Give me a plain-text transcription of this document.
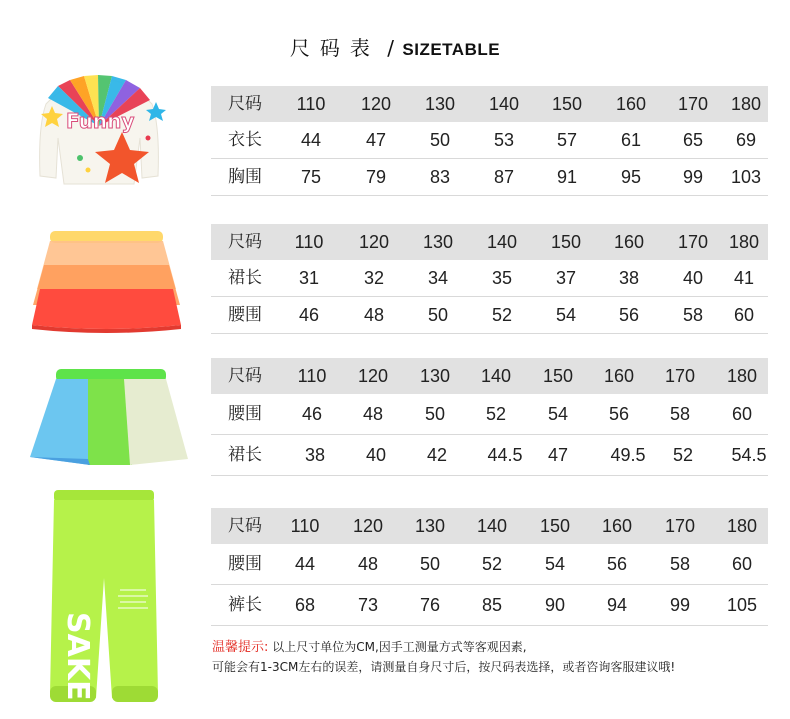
尺码表 / SIZETABLE
Funny
SAKE
尺码	110	120	130	140	150	160	170	180
衣长	44	47	50	53	57	61	65	69
胸围	75	79	83	87	91	95	99	103
尺码	110	120	130	140	150	160	170	180
裙长	31	32	34	35	37	38	40	41
腰围	46	48	50	52	54	56	58	60
尺码	110	120	130	140	150	160	170	180
腰围	46	48	50	52	54	56	58	60
裙长	38	40	42	44.5	47	49.5	52	54.5
尺码	110	120	130	140	150	160	170	180
腰围	44	48	50	52	54	56	58	60
裤长	68	73	76	85	90	94	99	105
温馨提示: 以上尺寸单位为CM,因手工测量方式等客观因素,
可能会有1-3CM左右的误差，请测量自身尺寸后，按尺码表选择，或者咨询客服建议哦!
